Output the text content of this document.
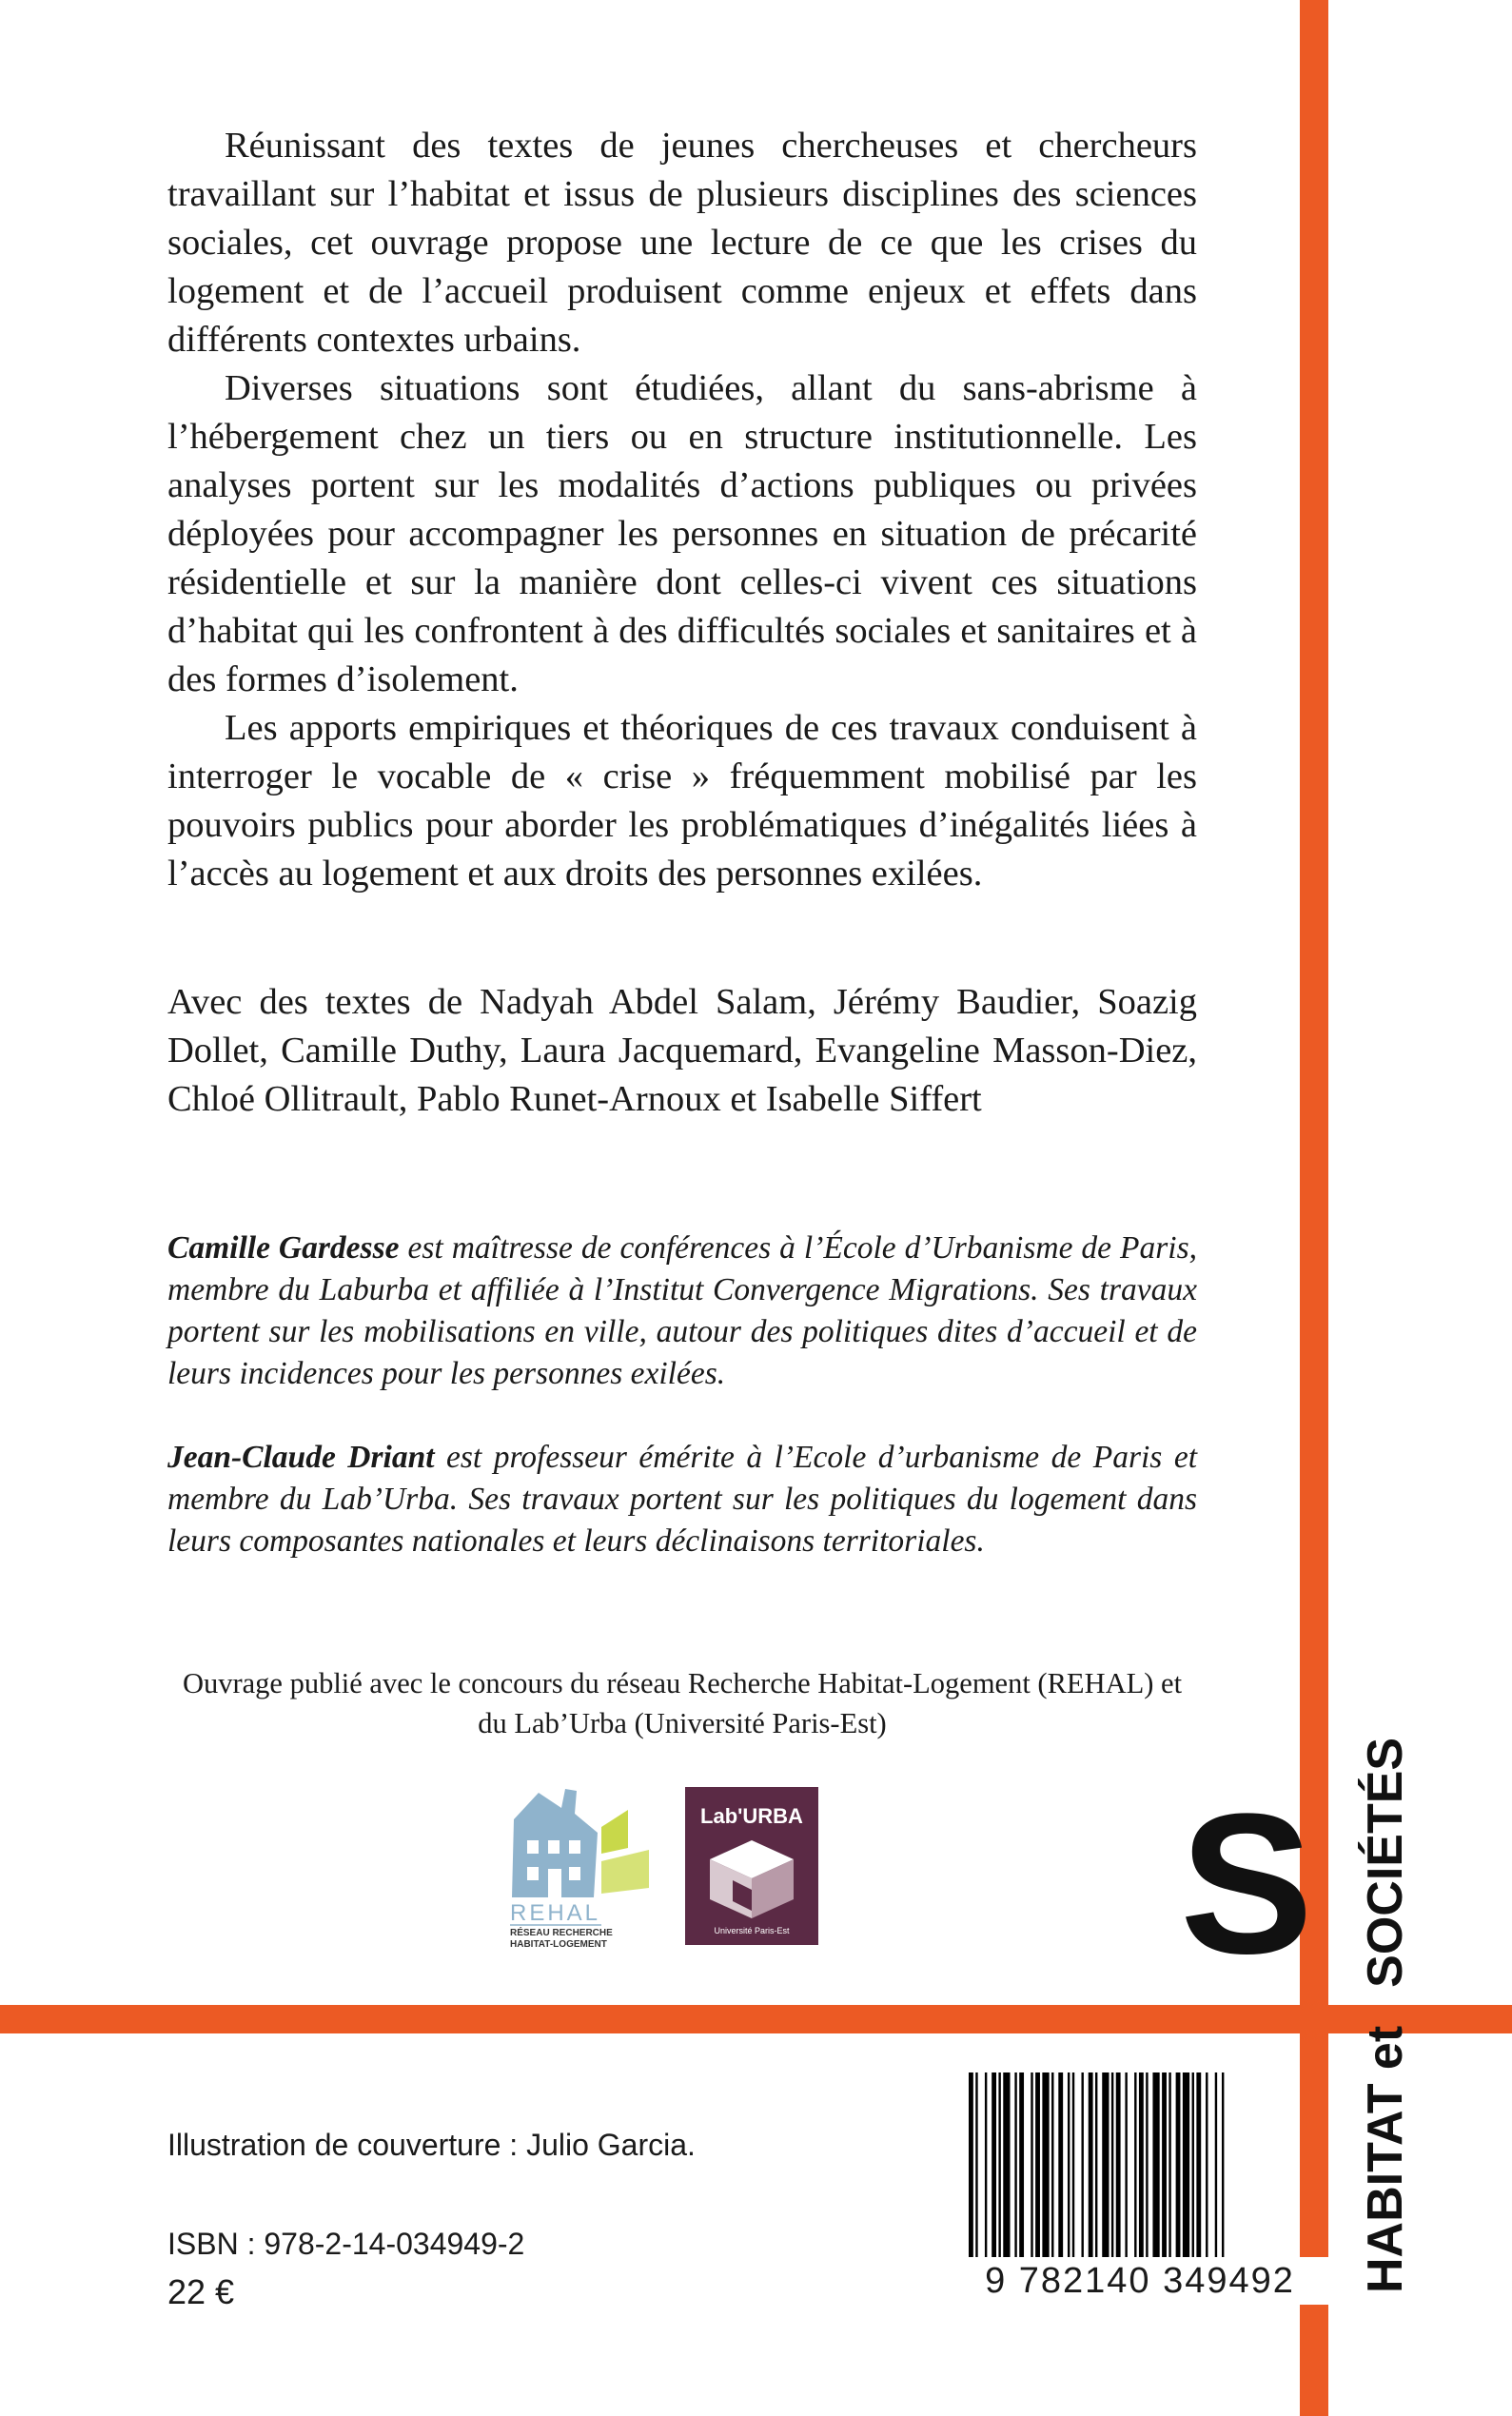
Réunissant des textes de jeunes chercheuses et chercheurs travaillant sur l’habitat et issus de plusieurs disciplines des sciences sociales, cet ouvrage propose une lecture de ce que les crises du logement et de l’accueil produisent comme enjeux et effets dans différents contextes urbains.

Diverses situations sont étudiées, allant du sans-abrisme à l’hébergement chez un tiers ou en structure institutionnelle. Les analyses portent sur les modalités d’actions publiques ou privées déployées pour accompagner les personnes en situation de précarité résidentielle et sur la manière dont celles-ci vivent ces situations d’habitat qui les confrontent à des difficultés sociales et sanitaires et à des formes d’isolement.

Les apports empiriques et théoriques de ces travaux conduisent à interroger le vocable de « crise » fréquemment mobilisé par les pouvoirs publics pour aborder les problématiques d’inégalités liées à l’accès au logement et aux droits des personnes exilées.

Avec des textes de Nadyah Abdel Salam, Jérémy Baudier, Soazig Dollet, Camille Duthy, Laura Jacquemard, Evangeline Masson-Diez, Chloé Ollitrault, Pablo Runet-Arnoux et Isabelle Siffert

Camille Gardesse est maîtresse de conférences à l’École d’Urbanisme de Paris, membre du Laburba et affiliée à l’Institut Convergence Migrations. Ses travaux portent sur les mobilisations en ville, autour des politiques dites d’accueil et de leurs incidences pour les personnes exilées.

Jean-Claude Driant est professeur émérite à l’Ecole d’urbanisme de Paris et membre du Lab’Urba. Ses travaux portent sur les politiques du logement dans leurs composantes nationales et leurs déclinaisons territoriales.

Ouvrage publié avec le concours du réseau Recherche Habitat-Logement (REHAL) et du Lab’Urba (Université Paris-Est)

REHAL
RÉSEAU RECHERCHE
HABITAT-LOGEMENT
Lab'URBA
Université Paris-Est S
HABITAT etSOCIÉTÉS
Illustration de couverture : Julio Garcia.
ISBN : 978-2-14-034949-2
22 €	9 782140 349492
